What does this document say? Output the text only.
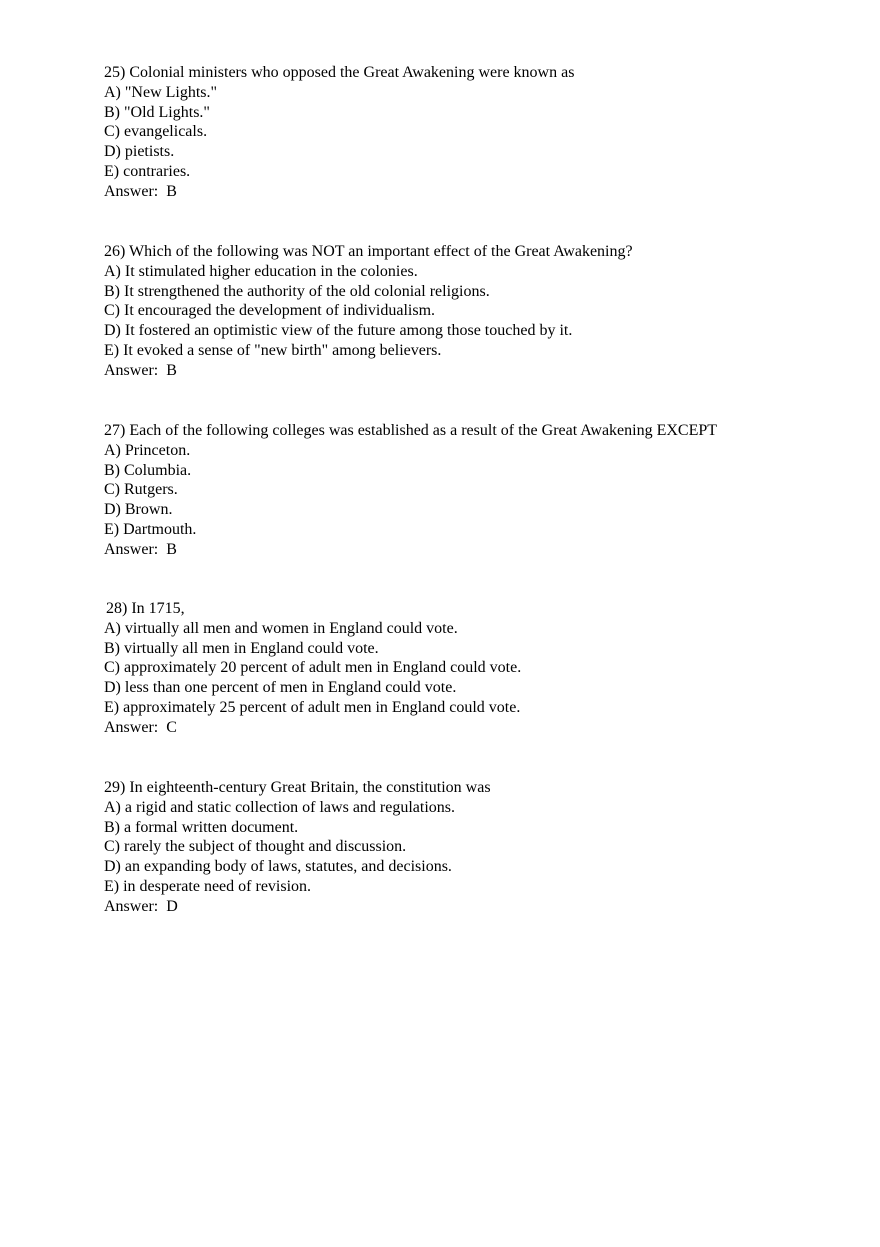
25) Colonial ministers who opposed the Great Awakening were known as

A) "New Lights."

B) "Old Lights."

C) evangelicals.

D) pietists.

E) contraries.

Answer:  B

26) Which of the following was NOT an important effect of the Great Awakening?

A) It stimulated higher education in the colonies.

B) It strengthened the authority of the old colonial religions.

C) It encouraged the development of individualism.

D) It fostered an optimistic view of the future among those touched by it.

E) It evoked a sense of "new birth" among believers.

Answer:  B

27) Each of the following colleges was established as a result of the Great Awakening EXCEPT

A) Princeton.

B) Columbia.

C) Rutgers.

D) Brown.

E) Dartmouth.

Answer:  B

28) In 1715,

A) virtually all men and women in England could vote.

B) virtually all men in England could vote.

C) approximately 20 percent of adult men in England could vote.

D) less than one percent of men in England could vote.

E) approximately 25 percent of adult men in England could vote.

Answer:  C

29) In eighteenth-century Great Britain, the constitution was

A) a rigid and static collection of laws and regulations.

B) a formal written document.

C) rarely the subject of thought and discussion.

D) an expanding body of laws, statutes, and decisions.

E) in desperate need of revision.

Answer:  D
